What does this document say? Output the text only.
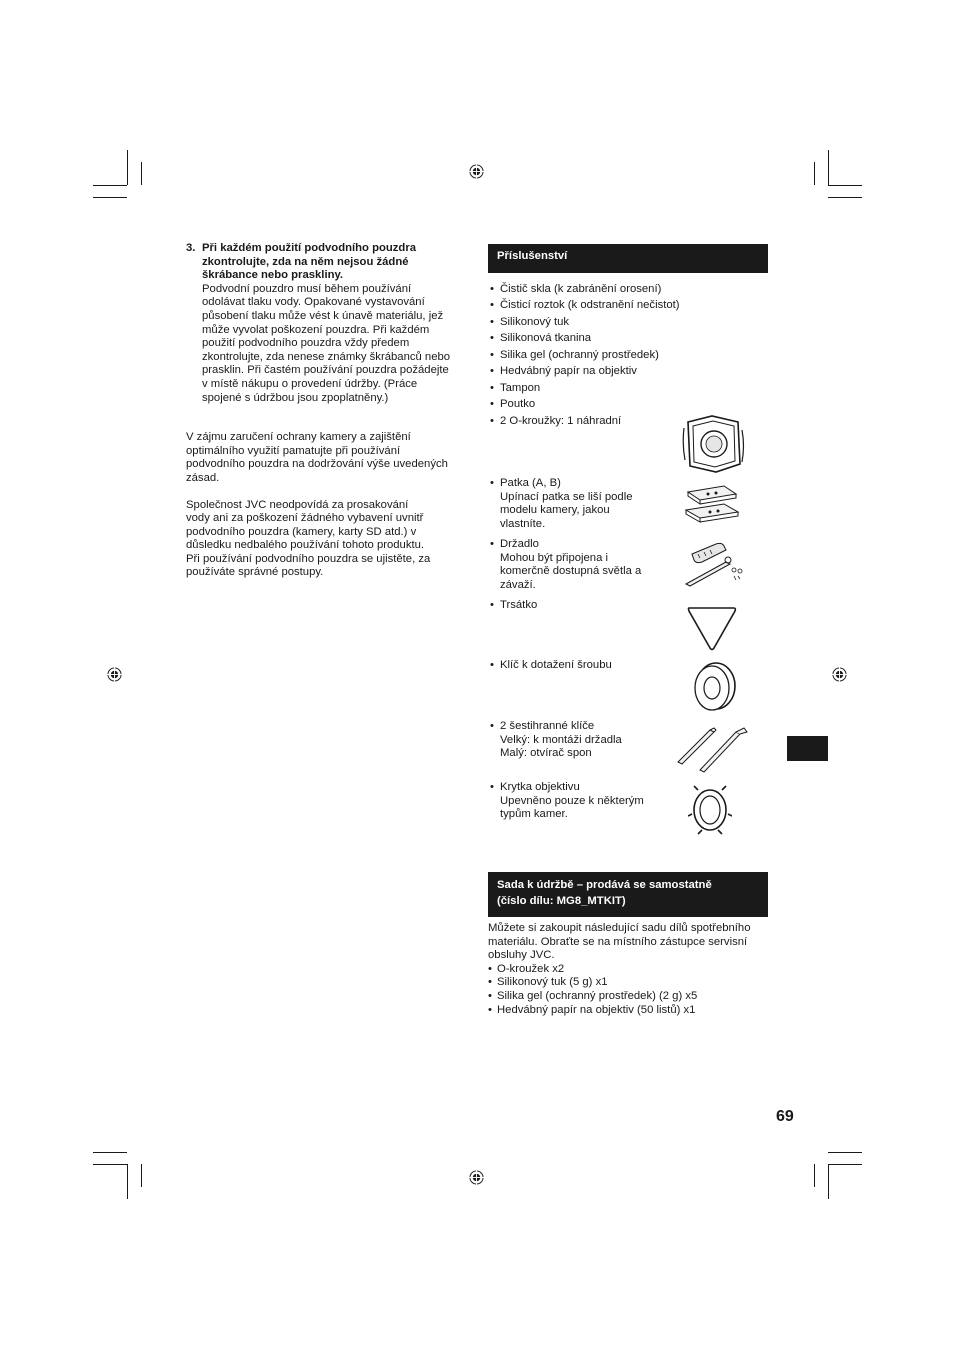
3. Při každém použití podvodního pouzdra
zkontrolujte, zda na něm nejsou žádné
škrábance nebo praskliny.
Podvodní pouzdro musí během používání
odolávat tlaku vody. Opakované vystavování
působení tlaku může vést k únavě materiálu, jež
může vyvolat poškození pouzdra. Při každém
použití podvodního pouzdra vždy předem
zkontrolujte, zda nenese známky škrábanců nebo
prasklin. Při častém používání pouzdra požádejte
v místě nákupu o provedení údržby. (Práce
spojené s údržbou jsou zpoplatněny.)
V zájmu zaručení ochrany kamery a zajištění
optimálního využití pamatujte při používání
podvodního pouzdra na dodržování výše uvedených
zásad.
Společnost JVC neodpovídá za prosakování
vody ani za poškození žádného vybavení uvnitř
podvodního pouzdra (kamery, karty SD atd.) v
důsledku nedbalého používání tohoto produktu.
Při používání podvodního pouzdra se ujistěte, za
používáte správné postupy.
Příslušenství
• Čistič skla (k zabránění orosení)
• Čisticí roztok (k odstranění nečistot)
• Silikonový tuk
• Silikonová tkanina
• Silika gel (ochranný prostředek)
• Hedvábný papír na objektiv
• Tampon
• Poutko
• 2 O-kroužky: 1 náhradní
• Patka (A, B)
Upínací patka se liší podle
modelu kamery, jakou
vlastníte.
• Držadlo
Mohou být připojena i
komerčně dostupná světla a
závaží.
• Trsátko
• Klíč k dotažení šroubu
• 2 šestihranné klíče
Velký: k montáži držadla
Malý: otvírač spon
• Krytka objektivu
Upevněno pouze k některým
typům kamer.
Sada k údržbě – prodává se samostatně
(číslo dílu: MG8_MTKIT)
Můžete si zakoupit následující sadu dílů spotřebního
materiálu. Obraťte se na místního zástupce servisní
obsluhy JVC.
• O-kroužek x2
• Silikonový tuk (5 g) x1
• Silika gel (ochranný prostředek) (2 g) x5
• Hedvábný papír na objektiv (50 listů) x1
69
